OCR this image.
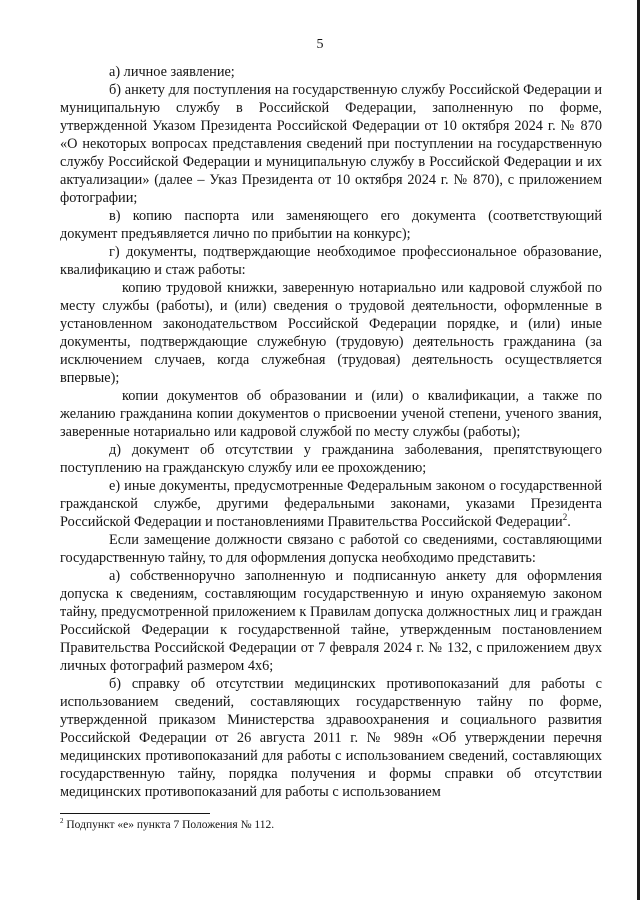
5

а) личное заявление;

б) анкету для поступления на государственную службу Российской Федерации и муниципальную службу в Российской Федерации, заполненную по форме, утвержденной Указом Президента Российской Федерации от 10 октября 2024 г. № 870 «О некоторых вопросах представления сведений при поступлении на государственную службу Российской Федерации и муниципальную службу в Российской Федерации и их актуализации» (далее – Указ Президента от 10 октября 2024 г. № 870), с приложением фотографии;

в) копию паспорта или заменяющего его документа (соответствующий документ предъявляется лично по прибытии на конкурс);

г) документы, подтверждающие необходимое профессиональное образование, квалификацию и стаж работы:

копию трудовой книжки, заверенную нотариально или кадровой службой по месту службы (работы), и (или) сведения о трудовой деятельности, оформленные в установленном законодательством Российской Федерации порядке, и (или) иные документы, подтверждающие служебную (трудовую) деятельность гражданина (за исключением случаев, когда служебная (трудовая) деятельность осуществляется впервые);

копии документов об образовании и (или) о квалификации, а также по желанию гражданина копии документов о присвоении ученой степени, ученого звания, заверенные нотариально или кадровой службой по месту службы (работы);

д) документ об отсутствии у гражданина заболевания, препятствующего поступлению на гражданскую службу или ее прохождению;

е) иные документы, предусмотренные Федеральным законом о государственной гражданской службе, другими федеральными законами, указами Президента Российской Федерации и постановлениями Правительства Российской Федерации$^2$.

Если замещение должности связано с работой со сведениями, составляющими государственную тайну, то для оформления допуска необходимо представить:

а) собственноручно заполненную и подписанную анкету для оформления допуска к сведениям, составляющим государственную и иную охраняемую законом тайну, предусмотренной приложением к Правилам допуска должностных лиц и граждан Российской Федерации к государственной тайне, утвержденным постановлением Правительства Российской Федерации от 7 февраля 2024 г. № 132, с приложением двух личных фотографий размером 4х6;

б) справку об отсутствии медицинских противопоказаний для работы с использованием сведений, составляющих государственную тайну по форме, утвержденной приказом Министерства здравоохранения и социального развития Российской Федерации от 26 августа 2011 г. № 989н «Об утверждении перечня медицинских противопоказаний для работы с использованием сведений, составляющих государственную тайну, порядка получения и формы справки об отсутствии медицинских противопоказаний для работы с использованием

$^2$ Подпункт «е» пункта 7 Положения № 112.
